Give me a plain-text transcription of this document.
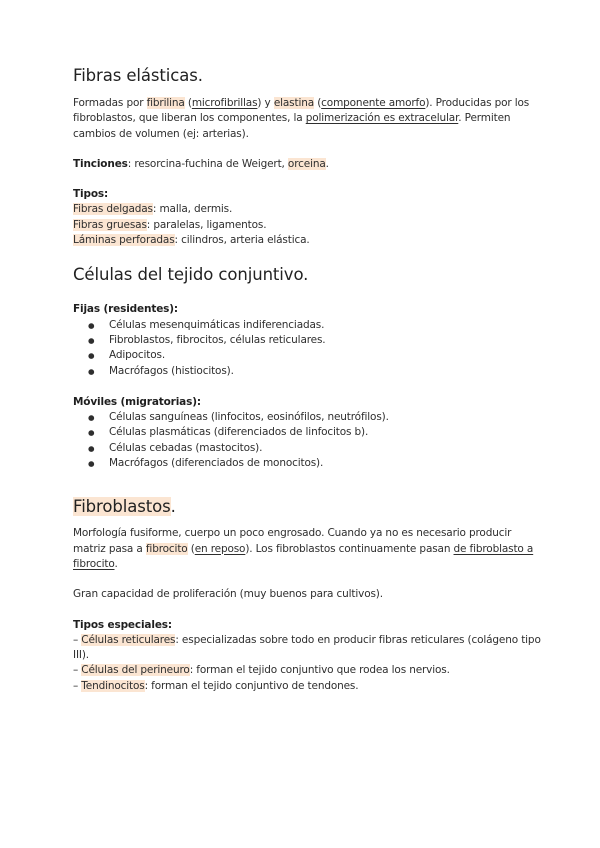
Fibras elásticas.

Formadas por fibrilina (microfibrillas) y elastina (componente amorfo). Producidas por los fibroblastos, que liberan los componentes, la polimerización es extracelular. Permiten cambios de volumen (ej: arterias).

Tinciones: resorcina-fuchina de Weigert, orceina.

Tipos:

Fibras delgadas: malla, dermis.

Fibras gruesas: paralelas, ligamentos.

Láminas perforadas: cilindros, arteria elástica.

Células del tejido conjuntivo.

Fijas (residentes):

● Células mesenquimáticas indiferenciadas.
● Fibroblastos, fibrocitos, células reticulares.
● Adipocitos.
● Macrófagos (histiocitos).

Móviles (migratorias):

● Células sanguíneas (linfocitos, eosinófilos, neutrófilos).
● Células plasmáticas (diferenciados de linfocitos b).
● Células cebadas (mastocitos).
● Macrófagos (diferenciados de monocitos).
Fibroblastos.

Morfología fusiforme, cuerpo un poco engrosado. Cuando ya no es necesario producir matriz pasa a fibrocito (en reposo). Los fibroblastos continuamente pasan de fibroblasto a fibrocito.

Gran capacidad de proliferación (muy buenos para cultivos).

Tipos especiales:

– Células reticulares: especializadas sobre todo en producir fibras reticulares (colágeno tipo III).

– Células del perineuro: forman el tejido conjuntivo que rodea los nervios.

– Tendinocitos: forman el tejido conjuntivo de tendones.
